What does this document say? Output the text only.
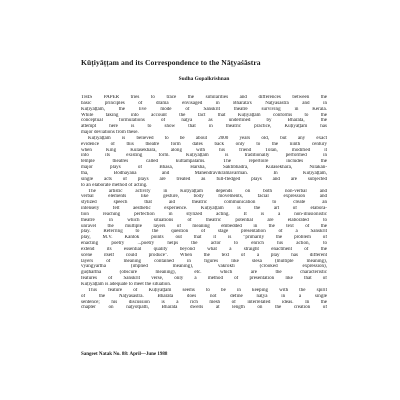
Kūṭiyāṭṭam and its Correspondence to the Nāṭyaśāstra
Sudha Gopalkrishnan

THIS PAPER tries to trace the similarities and differences between the
basic principles of drama envisaged in Bharata's Nāṭyaśāstra and in
Kūṭiyāṭṭam, the live mode of Sanskrit theatre surviving in Kerala.
While taking into account the fact that Kūṭiyāṭṭam conforms to the
conceptual formulations of nāṭya as underlined by Bharata, the
attempt here is to show that in theatric practice, Kūṭiyāṭṭam has
major deviations from these.

Kūṭiyāṭṭam is believed to be about 2000 years old, but any exact
evidence of this theatre form dates back only to the ninth century
when King Kulaśekhara, along with his friend Tolan, modified it
into its existing form. Kūṭiyāṭṭam is traditionally performed in
temple theatres called kūttampalams. The repertoire includes the
major plays of Bhasa, Harsha, Śaktibhadra, Kulaśekhara, Nīlakan-
tha, Bodhayana and Mahendravikramavarman. In Kūṭiyāṭṭam,
single acts of plays are treated as full-fledged plays and are subjected
to an elaborate method of acting.

The artistic activity in Kūṭiyāṭṭam depends on both non-verbal and
verbal elements like gesture, body movements, facial expression and
stylized speech that aid theatric communication to create an
intensely felt aesthetic experience. Kūṭiyāṭṭam is the art of elabora-
tion reaching perfection in stylized acting. It is a non-illusionistic
theatre in which situations of theatric potential are elaborated to
unravel the multiple layers of meaning embedded in the text of the
play. Referring to the question of stage presentation of a Sanskrit
play, M.V. Kantok points out that it is "primarily the problem of
enacting poetry ...poetry helps the actor to enrich his action, to
extend its essential quality beyond what a straight enactment of the
scene itself could produce". When the text of a play has different
layers of meaning contained in figures like ślesa (multiple meaning),
vyangyārtha (implied meaning), vakrokti (crooked expression),
gūḍhārtha (obscure meaning), etc. which are the characteristic
features of Sanskrit verse, only a method of presentation like that of
Kūṭiyāṭṭam is adequate to meet the situation.

This feature of Kūṭiyāṭṭam seems to be in keeping with the spirit
of the Nāṭyaśāstra. Bharata does not define nāṭya in a single
sentence; his discussion is a rich mesh of interrelated ideas. In the
chapter on nāṭyotpatti, Bharata dwells at length on the creation of

Sangeet Natak No. 88: April—June 1988
